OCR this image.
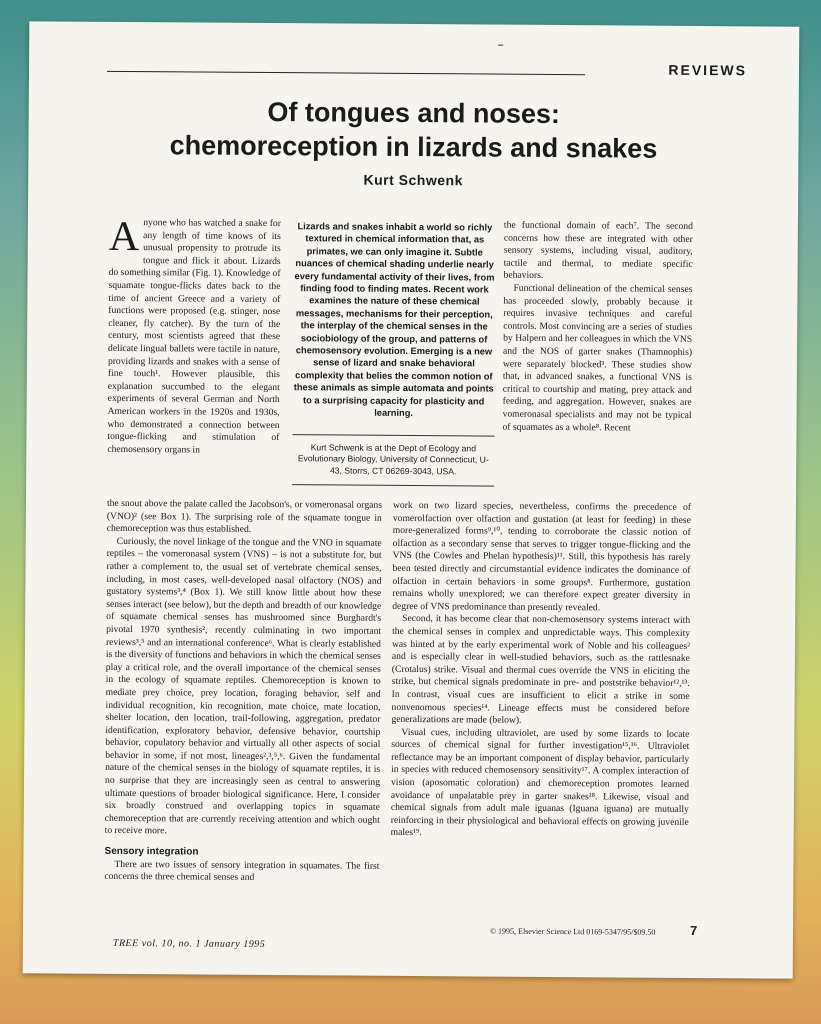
REVIEWS
Of tongues and noses:
chemoreception in lizards and snakes
Kurt Schwenk
A nyone who has watched a snake for any length of time knows of its unusual propensity to protrude its tongue and flick it about. Lizards do something similar (Fig. 1). Knowledge of squamate tongue-flicks dates back to the time of ancient Greece and a variety of functions were proposed (e.g. stinger, nose cleaner, fly catcher). By the turn of the century, most scientists agreed that these delicate lingual ballets were tactile in nature, providing lizards and snakes with a sense of fine touch¹. However plausible, this explanation succumbed to the elegant experiments of several German and North American workers in the 1920s and 1930s, who demonstrated a connection between tongue-flicking and stimulation of chemosensory organs in

Lizards and snakes inhabit a world so richly textured in chemical information that, as primates, we can only imagine it. Subtle nuances of chemical shading underlie nearly every fundamental activity of their lives, from finding food to finding mates. Recent work examines the nature of these chemical messages, mechanisms for their perception, the interplay of the chemical senses in the sociobiology of the group, and patterns of chemosensory evolution. Emerging is a new sense of lizard and snake behavioral complexity that belies the common notion of these animals as simple automata and points to a surprising capacity for plasticity and learning.
Kurt Schwenk is at the Dept of Ecology and Evolutionary Biology, University of Connecticut, U-43, Storrs, CT 06269-3043, USA.

the functional domain of each⁷. The second concerns how these are integrated with other sensory systems, including visual, auditory, tactile and thermal, to mediate specific behaviors.

Functional delineation of the chemical senses has proceeded slowly, probably because it requires invasive techniques and careful controls. Most convincing are a series of studies by Halpern and her colleagues in which the VNS and the NOS of garter snakes (Thamnophis) were separately blocked³. These studies show that, in advanced snakes, a functional VNS is critical to courtship and mating, prey attack and feeding, and aggregation. However, snakes are vomeronasal specialists and may not be typical of squamates as a whole⁸. Recent

the snout above the palate called the Jacobson's, or vomeronasal organs (VNO)² (see Box 1). The surprising role of the squamate tongue in chemoreception was thus established.

Curiously, the novel linkage of the tongue and the VNO in squamate reptiles – the vomeronasal system (VNS) – is not a substitute for, but rather a complement to, the usual set of vertebrate chemical senses, including, in most cases, well-developed nasal olfactory (NOS) and gustatory systems³,⁴ (Box 1). We still know little about how these senses interact (see below), but the depth and breadth of our knowledge of squamate chemical senses has mushroomed since Burghardt's pivotal 1970 synthesis², recently culminating in two important reviews³,⁵ and an international conference⁶. What is clearly established is the diversity of functions and behaviors in which the chemical senses play a critical role, and the overall importance of the chemical senses in the ecology of squamate reptiles. Chemoreception is known to mediate prey choice, prey location, foraging behavior, self and individual recognition, kin recognition, mate choice, mate location, shelter location, den location, trail-following, aggregation, predator identification, exploratory behavior, defensive behavior, courtship behavior, copulatory behavior and virtually all other aspects of social behavior in some, if not most, lineages²,³,⁵,⁶. Given the fundamental nature of the chemical senses in the biology of squamate reptiles, it is no surprise that they are increasingly seen as central to answering ultimate questions of broader biological significance. Here, I consider six broadly construed and overlapping topics in squamate chemoreception that are currently receiving attention and which ought to receive more.

Sensory integration

There are two issues of sensory integration in squamates. The first concerns the three chemical senses and

work on two lizard species, nevertheless, confirms the precedence of vomerolfaction over olfaction and gustation (at least for feeding) in these more-generalized forms⁹,¹⁰, tending to corroborate the classic notion of olfaction as a secondary sense that serves to trigger tongue-flicking and the VNS (the Cowles and Phelan hypothesis)¹¹. Still, this hypothesis has rarely been tested directly and circumstantial evidence indicates the dominance of olfaction in certain behaviors in some groups⁸. Furthermore, gustation remains wholly unexplored; we can therefore expect greater diversity in degree of VNS predominance than presently revealed.

Second, it has become clear that non-chemosensory systems interact with the chemical senses in complex and unpredictable ways. This complexity was hinted at by the early experimental work of Noble and his colleagues² and is especially clear in well-studied behaviors, such as the rattlesnake (Crotalus) strike. Visual and thermal cues override the VNS in eliciting the strike, but chemical signals predominate in pre- and poststrike behavior¹²,¹³. In contrast, visual cues are insufficient to elicit a strike in some nonvenomous species¹⁴. Lineage effects must be considered before generalizations are made (below).

Visual cues, including ultraviolet, are used by some lizards to locate sources of chemical signal for further investigation¹⁵,¹⁶. Ultraviolet reflectance may be an important component of display behavior, particularly in species with reduced chemosensory sensitivity¹⁷. A complex interaction of vision (aposomatic coloration) and chemoreception promotes learned avoidance of unpalatable prey in garter snakes¹⁸. Likewise, visual and chemical signals from adult male iguanas (Iguana iguana) are mutually reinforcing in their physiological and behavioral effects on growing juvenile males¹⁹.

TREE vol. 10, no. 1 January 1995
© 1995, Elsevier Science Ltd 0169-5347/95/$09.50	7
